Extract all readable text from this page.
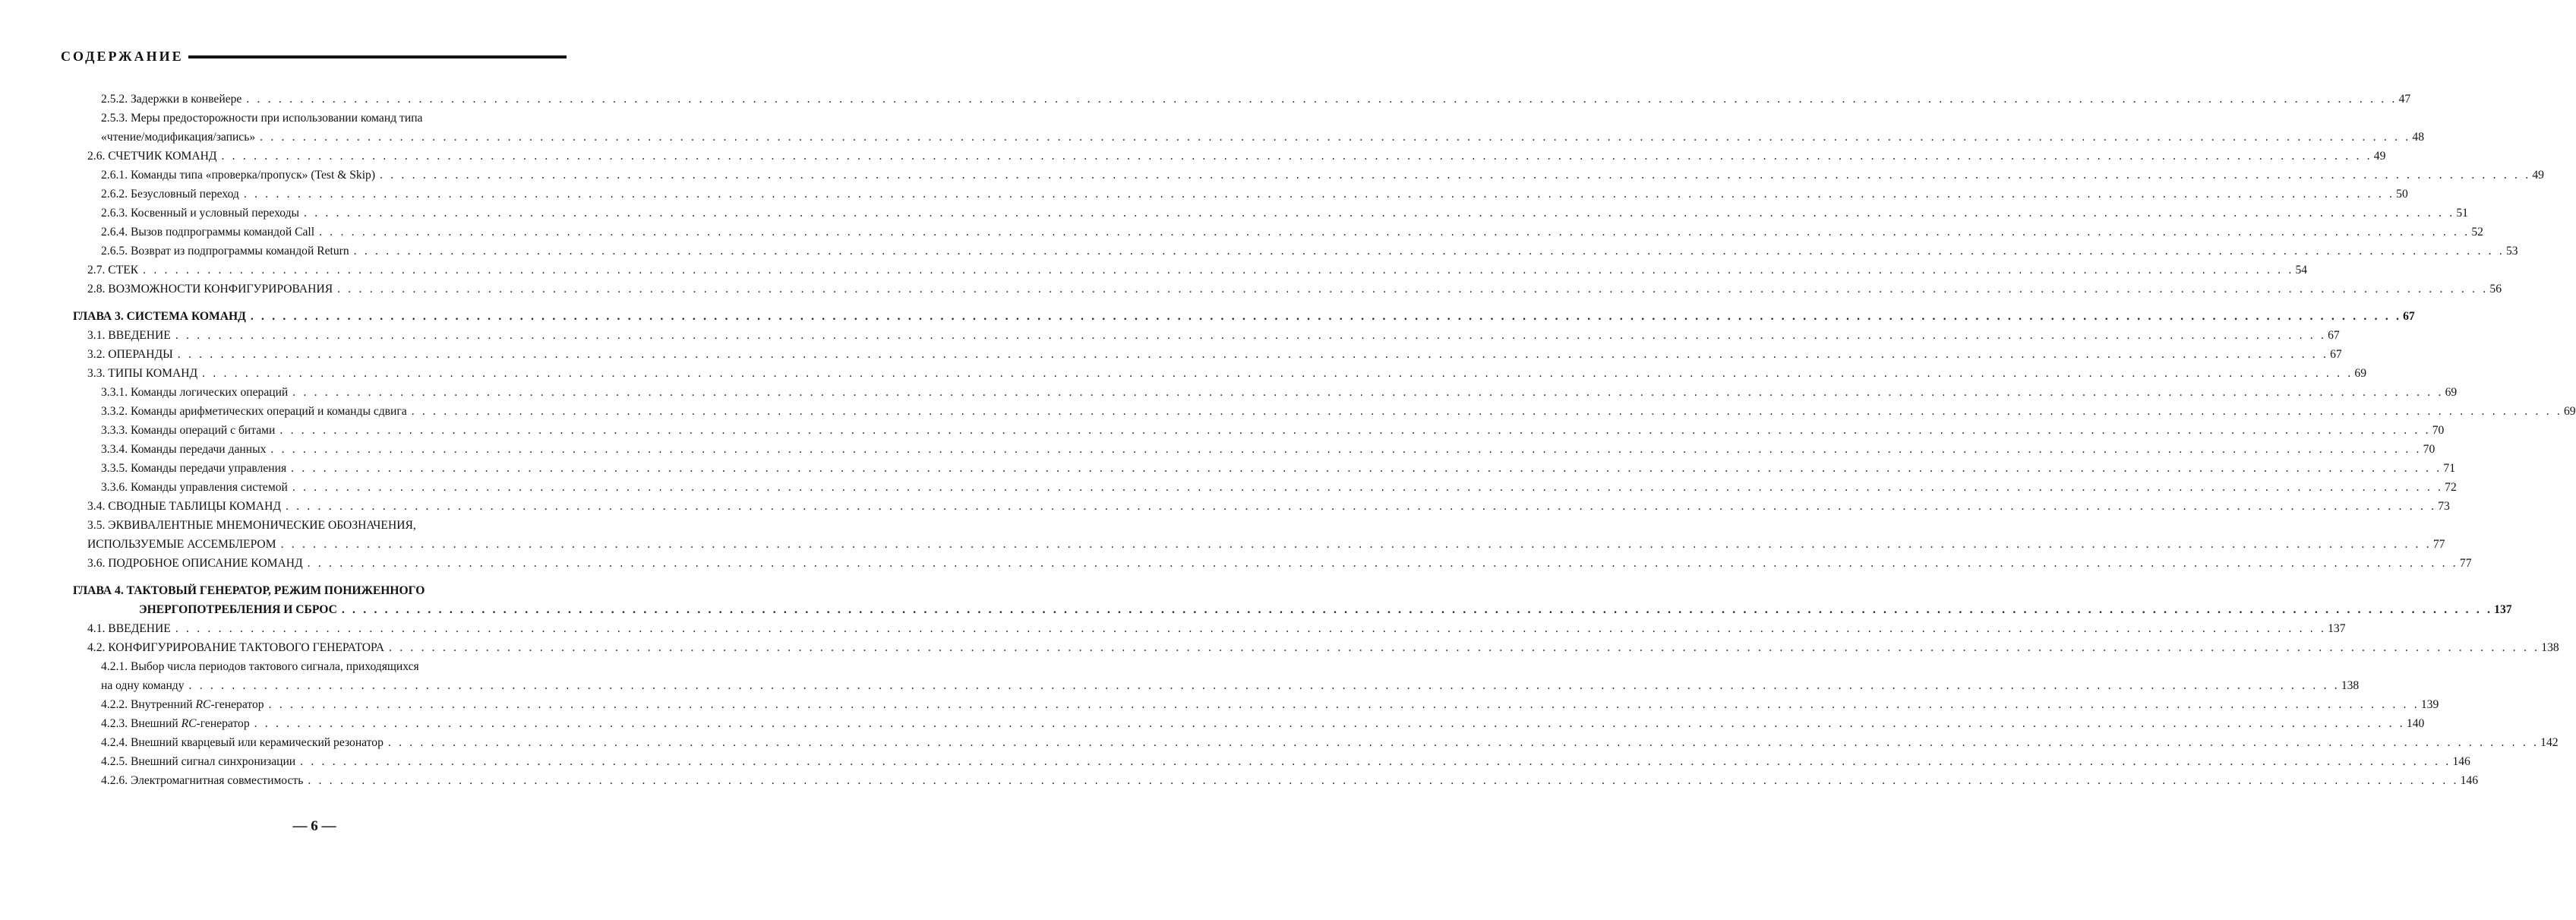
СОДЕРЖАНИЕ
2.5.2. Задержки в конвейере . . . . . . . . . . . . . . . . . . . . . . . . . . . . . . . . . . . . . . . . . . . . . . . . . . . . . . . . . . . . . . . . . . . . . . . . . . . . . . . . . . . . . . . . . . . . . . . . . . . . . . . . . . . . . . . . . . . . . . . . . . . . . . . . . . . . . . . . . . . . . . . . . . . . . . . . . . . . . . . . . . . . . . . . . . . . . . . . . . . . . . . . . . . . . . . . . . . . . . . . 47
2.5.3. Меры предосторожности при использовании команд типа
«чтение/модификация/запись» . . . . . . . . . . . . . . . . . . . . . . . . . . . . . . . . . . . . . . . . . . . . . . . . . . . . . . . . . . . . . . . . . . . . . . . . . . . . . . . . . . . . . . . . . . . . . . . . . . . . . . . . . . . . . . . . . . . . . . . . . . . . . . . . . . . . . . . . . . . . . . . . . . . . . . . . . . . . . . . . . . . . . . . . . . . . . . . . . . . . . . . . . . . . . . . . . . . . . . . . 48
2.6. СЧЕТЧИК КОМАНД . . . . . . . . . . . . . . . . . . . . . . . . . . . . . . . . . . . . . . . . . . . . . . . . . . . . . . . . . . . . . . . . . . . . . . . . . . . . . . . . . . . . . . . . . . . . . . . . . . . . . . . . . . . . . . . . . . . . . . . . . . . . . . . . . . . . . . . . . . . . . . . . . . . . . . . . . . . . . . . . . . . . . . . . . . . . . . . . . . . . . . . . . . . . . . . . . . . . . . . . 49
2.6.1. Команды типа «проверка/пропуск» (Test & Skip) . . . . . . . . . . . . . . . . . . . . . . . . . . . . . . . . . . . . . . . . . . . . . . . . . . . . . . . . . . . . . . . . . . . . . . . . . . . . . . . . . . . . . . . . . . . . . . . . . . . . . . . . . . . . . . . . . . . . . . . . . . . . . . . . . . . . . . . . . . . . . . . . . . . . . . . . . . . . . . . . . . . . . . . . . . . . . . . . . . . . . . . . . . . . . . . . . . . . . . . . 49
2.6.2. Безусловный переход . . . . . . . . . . . . . . . . . . . . . . . . . . . . . . . . . . . . . . . . . . . . . . . . . . . . . . . . . . . . . . . . . . . . . . . . . . . . . . . . . . . . . . . . . . . . . . . . . . . . . . . . . . . . . . . . . . . . . . . . . . . . . . . . . . . . . . . . . . . . . . . . . . . . . . . . . . . . . . . . . . . . . . . . . . . . . . . . . . . . . . . . . . . . . . . . . . . . . . . . 50
2.6.3. Косвенный и условный переходы . . . . . . . . . . . . . . . . . . . . . . . . . . . . . . . . . . . . . . . . . . . . . . . . . . . . . . . . . . . . . . . . . . . . . . . . . . . . . . . . . . . . . . . . . . . . . . . . . . . . . . . . . . . . . . . . . . . . . . . . . . . . . . . . . . . . . . . . . . . . . . . . . . . . . . . . . . . . . . . . . . . . . . . . . . . . . . . . . . . . . . . . . . . . . . . . . . . . . . . . 51
2.6.4. Вызов подпрограммы командой Call . . . . . . . . . . . . . . . . . . . . . . . . . . . . . . . . . . . . . . . . . . . . . . . . . . . . . . . . . . . . . . . . . . . . . . . . . . . . . . . . . . . . . . . . . . . . . . . . . . . . . . . . . . . . . . . . . . . . . . . . . . . . . . . . . . . . . . . . . . . . . . . . . . . . . . . . . . . . . . . . . . . . . . . . . . . . . . . . . . . . . . . . . . . . . . . . . . . . . . . . 52
2.6.5. Возврат из подпрограммы командой Return . . . . . . . . . . . . . . . . . . . . . . . . . . . . . . . . . . . . . . . . . . . . . . . . . . . . . . . . . . . . . . . . . . . . . . . . . . . . . . . . . . . . . . . . . . . . . . . . . . . . . . . . . . . . . . . . . . . . . . . . . . . . . . . . . . . . . . . . . . . . . . . . . . . . . . . . . . . . . . . . . . . . . . . . . . . . . . . . . . . . . . . . . . . . . . . . . . . . . . . . 53
2.7. СТЕК . . . . . . . . . . . . . . . . . . . . . . . . . . . . . . . . . . . . . . . . . . . . . . . . . . . . . . . . . . . . . . . . . . . . . . . . . . . . . . . . . . . . . . . . . . . . . . . . . . . . . . . . . . . . . . . . . . . . . . . . . . . . . . . . . . . . . . . . . . . . . . . . . . . . . . . . . . . . . . . . . . . . . . . . . . . . . . . . . . . . . . . . . . . . . . . . . . . . . . . . 54
2.8. ВОЗМОЖНОСТИ КОНФИГУРИРОВАНИЯ . . . . . . . . . . . . . . . . . . . . . . . . . . . . . . . . . . . . . . . . . . . . . . . . . . . . . . . . . . . . . . . . . . . . . . . . . . . . . . . . . . . . . . . . . . . . . . . . . . . . . . . . . . . . . . . . . . . . . . . . . . . . . . . . . . . . . . . . . . . . . . . . . . . . . . . . . . . . . . . . . . . . . . . . . . . . . . . . . . . . . . . . . . . . . . . . . . . . . . . . 56
ГЛАВА 3. СИСТЕМА КОМАНД . . . . . . . . . . . . . . . . . . . . . . . . . . . . . . . . . . . . . . . . . . . . . . . . . . . . . . . . . . . . . . . . . . . . . . . . . . . . . . . . . . . . . . . . . . . . . . . . . . . . . . . . . . . . . . . . . . . . . . . . . . . . . . . . . . . . . . . . . . . . . . . . . . . . . . . . . . . . . . . . . . . . . . . . . . . . . . . . . . . . . . . . . . . . . . . . . . . . . . . . 67
3.1. ВВЕДЕНИЕ . . . . . . . . . . . . . . . . . . . . . . . . . . . . . . . . . . . . . . . . . . . . . . . . . . . . . . . . . . . . . . . . . . . . . . . . . . . . . . . . . . . . . . . . . . . . . . . . . . . . . . . . . . . . . . . . . . . . . . . . . . . . . . . . . . . . . . . . . . . . . . . . . . . . . . . . . . . . . . . . . . . . . . . . . . . . . . . . . . . . . . . . . . . . . . . . . . . . . . . . 67
3.2. ОПЕРАНДЫ . . . . . . . . . . . . . . . . . . . . . . . . . . . . . . . . . . . . . . . . . . . . . . . . . . . . . . . . . . . . . . . . . . . . . . . . . . . . . . . . . . . . . . . . . . . . . . . . . . . . . . . . . . . . . . . . . . . . . . . . . . . . . . . . . . . . . . . . . . . . . . . . . . . . . . . . . . . . . . . . . . . . . . . . . . . . . . . . . . . . . . . . . . . . . . . . . . . . . . . . 67
3.3. ТИПЫ КОМАНД . . . . . . . . . . . . . . . . . . . . . . . . . . . . . . . . . . . . . . . . . . . . . . . . . . . . . . . . . . . . . . . . . . . . . . . . . . . . . . . . . . . . . . . . . . . . . . . . . . . . . . . . . . . . . . . . . . . . . . . . . . . . . . . . . . . . . . . . . . . . . . . . . . . . . . . . . . . . . . . . . . . . . . . . . . . . . . . . . . . . . . . . . . . . . . . . . . . . . . . . 69
3.3.1. Команды логических операций . . . . . . . . . . . . . . . . . . . . . . . . . . . . . . . . . . . . . . . . . . . . . . . . . . . . . . . . . . . . . . . . . . . . . . . . . . . . . . . . . . . . . . . . . . . . . . . . . . . . . . . . . . . . . . . . . . . . . . . . . . . . . . . . . . . . . . . . . . . . . . . . . . . . . . . . . . . . . . . . . . . . . . . . . . . . . . . . . . . . . . . . . . . . . . . . . . . . . . . . 69
3.3.2. Команды арифметических операций и команды сдвига . . . . . . . . . . . . . . . . . . . . . . . . . . . . . . . . . . . . . . . . . . . . . . . . . . . . . . . . . . . . . . . . . . . . . . . . . . . . . . . . . . . . . . . . . . . . . . . . . . . . . . . . . . . . . . . . . . . . . . . . . . . . . . . . . . . . . . . . . . . . . . . . . . . . . . . . . . . . . . . . . . . . . . . . . . . . . . . . . . . . . . . . . . . . . . . . . . . . . . . . 69
3.3.3. Команды операций с битами . . . . . . . . . . . . . . . . . . . . . . . . . . . . . . . . . . . . . . . . . . . . . . . . . . . . . . . . . . . . . . . . . . . . . . . . . . . . . . . . . . . . . . . . . . . . . . . . . . . . . . . . . . . . . . . . . . . . . . . . . . . . . . . . . . . . . . . . . . . . . . . . . . . . . . . . . . . . . . . . . . . . . . . . . . . . . . . . . . . . . . . . . . . . . . . . . . . . . . . . 70
3.3.4. Команды передачи данных . . . . . . . . . . . . . . . . . . . . . . . . . . . . . . . . . . . . . . . . . . . . . . . . . . . . . . . . . . . . . . . . . . . . . . . . . . . . . . . . . . . . . . . . . . . . . . . . . . . . . . . . . . . . . . . . . . . . . . . . . . . . . . . . . . . . . . . . . . . . . . . . . . . . . . . . . . . . . . . . . . . . . . . . . . . . . . . . . . . . . . . . . . . . . . . . . . . . . . . . 70
3.3.5. Команды передачи управления . . . . . . . . . . . . . . . . . . . . . . . . . . . . . . . . . . . . . . . . . . . . . . . . . . . . . . . . . . . . . . . . . . . . . . . . . . . . . . . . . . . . . . . . . . . . . . . . . . . . . . . . . . . . . . . . . . . . . . . . . . . . . . . . . . . . . . . . . . . . . . . . . . . . . . . . . . . . . . . . . . . . . . . . . . . . . . . . . . . . . . . . . . . . . . . . . . . . . . . . 71
3.3.6. Команды управления системой . . . . . . . . . . . . . . . . . . . . . . . . . . . . . . . . . . . . . . . . . . . . . . . . . . . . . . . . . . . . . . . . . . . . . . . . . . . . . . . . . . . . . . . . . . . . . . . . . . . . . . . . . . . . . . . . . . . . . . . . . . . . . . . . . . . . . . . . . . . . . . . . . . . . . . . . . . . . . . . . . . . . . . . . . . . . . . . . . . . . . . . . . . . . . . . . . . . . . . . . 72
3.4. СВОДНЫЕ ТАБЛИЦЫ КОМАНД . . . . . . . . . . . . . . . . . . . . . . . . . . . . . . . . . . . . . . . . . . . . . . . . . . . . . . . . . . . . . . . . . . . . . . . . . . . . . . . . . . . . . . . . . . . . . . . . . . . . . . . . . . . . . . . . . . . . . . . . . . . . . . . . . . . . . . . . . . . . . . . . . . . . . . . . . . . . . . . . . . . . . . . . . . . . . . . . . . . . . . . . . . . . . . . . . . . . . . . . 73
3.5. ЭКВИВАЛЕНТНЫЕ МНЕМОНИЧЕСКИЕ ОБОЗНАЧЕНИЯ,
ИСПОЛЬЗУЕМЫЕ АССЕМБЛЕРОМ . . . . . . . . . . . . . . . . . . . . . . . . . . . . . . . . . . . . . . . . . . . . . . . . . . . . . . . . . . . . . . . . . . . . . . . . . . . . . . . . . . . . . . . . . . . . . . . . . . . . . . . . . . . . . . . . . . . . . . . . . . . . . . . . . . . . . . . . . . . . . . . . . . . . . . . . . . . . . . . . . . . . . . . . . . . . . . . . . . . . . . . . . . . . . . . . . . . . . . . . 77
3.6. ПОДРОБНОЕ ОПИСАНИЕ КОМАНД . . . . . . . . . . . . . . . . . . . . . . . . . . . . . . . . . . . . . . . . . . . . . . . . . . . . . . . . . . . . . . . . . . . . . . . . . . . . . . . . . . . . . . . . . . . . . . . . . . . . . . . . . . . . . . . . . . . . . . . . . . . . . . . . . . . . . . . . . . . . . . . . . . . . . . . . . . . . . . . . . . . . . . . . . . . . . . . . . . . . . . . . . . . . . . . . . . . . . . . . 77
ГЛАВА 4. ТАКТОВЫЙ ГЕНЕРАТОР, РЕЖИМ ПОНИЖЕННОГО
ЭНЕРГОПОТРЕБЛЕНИЯ И СБРОС . . . . . . . . . . . . . . . . . . . . . . . . . . . . . . . . . . . . . . . . . . . . . . . . . . . . . . . . . . . . . . . . . . . . . . . . . . . . . . . . . . . . . . . . . . . . . . . . . . . . . . . . . . . . . . . . . . . . . . . . . . . . . . . . . . . . . . . . . . . . . . . . . . . . . . . . . . . . . . . . . . . . . . . . . . . . . . . . . . . . . . . . . . . . . . . . . . . . . . . . 137
4.1. ВВЕДЕНИЕ . . . . . . . . . . . . . . . . . . . . . . . . . . . . . . . . . . . . . . . . . . . . . . . . . . . . . . . . . . . . . . . . . . . . . . . . . . . . . . . . . . . . . . . . . . . . . . . . . . . . . . . . . . . . . . . . . . . . . . . . . . . . . . . . . . . . . . . . . . . . . . . . . . . . . . . . . . . . . . . . . . . . . . . . . . . . . . . . . . . . . . . . . . . . . . . . . . . . . . . . 137
4.2. КОНФИГУРИРОВАНИЕ ТАКТОВОГО ГЕНЕРАТОРА . . . . . . . . . . . . . . . . . . . . . . . . . . . . . . . . . . . . . . . . . . . . . . . . . . . . . . . . . . . . . . . . . . . . . . . . . . . . . . . . . . . . . . . . . . . . . . . . . . . . . . . . . . . . . . . . . . . . . . . . . . . . . . . . . . . . . . . . . . . . . . . . . . . . . . . . . . . . . . . . . . . . . . . . . . . . . . . . . . . . . . . . . . . . . . . . . . . . . . . . 138
4.2.1. Выбор числа периодов тактового сигнала, приходящихся
на одну команду . . . . . . . . . . . . . . . . . . . . . . . . . . . . . . . . . . . . . . . . . . . . . . . . . . . . . . . . . . . . . . . . . . . . . . . . . . . . . . . . . . . . . . . . . . . . . . . . . . . . . . . . . . . . . . . . . . . . . . . . . . . . . . . . . . . . . . . . . . . . . . . . . . . . . . . . . . . . . . . . . . . . . . . . . . . . . . . . . . . . . . . . . . . . . . . . . . . . . . . . 138
4.2.2. Внутренний RC-генератор . . . . . . . . . . . . . . . . . . . . . . . . . . . . . . . . . . . . . . . . . . . . . . . . . . . . . . . . . . . . . . . . . . . . . . . . . . . . . . . . . . . . . . . . . . . . . . . . . . . . . . . . . . . . . . . . . . . . . . . . . . . . . . . . . . . . . . . . . . . . . . . . . . . . . . . . . . . . . . . . . . . . . . . . . . . . . . . . . . . . . . . . . . . . . . . . . . . . . . . . 139
4.2.3. Внешний RC-генератор . . . . . . . . . . . . . . . . . . . . . . . . . . . . . . . . . . . . . . . . . . . . . . . . . . . . . . . . . . . . . . . . . . . . . . . . . . . . . . . . . . . . . . . . . . . . . . . . . . . . . . . . . . . . . . . . . . . . . . . . . . . . . . . . . . . . . . . . . . . . . . . . . . . . . . . . . . . . . . . . . . . . . . . . . . . . . . . . . . . . . . . . . . . . . . . . . . . . . . . . 140
4.2.4. Внешний кварцевый или керамический резонатор . . . . . . . . . . . . . . . . . . . . . . . . . . . . . . . . . . . . . . . . . . . . . . . . . . . . . . . . . . . . . . . . . . . . . . . . . . . . . . . . . . . . . . . . . . . . . . . . . . . . . . . . . . . . . . . . . . . . . . . . . . . . . . . . . . . . . . . . . . . . . . . . . . . . . . . . . . . . . . . . . . . . . . . . . . . . . . . . . . . . . . . . . . . . . . . . . . . . . . . . 142
4.2.5. Внешний сигнал синхронизации . . . . . . . . . . . . . . . . . . . . . . . . . . . . . . . . . . . . . . . . . . . . . . . . . . . . . . . . . . . . . . . . . . . . . . . . . . . . . . . . . . . . . . . . . . . . . . . . . . . . . . . . . . . . . . . . . . . . . . . . . . . . . . . . . . . . . . . . . . . . . . . . . . . . . . . . . . . . . . . . . . . . . . . . . . . . . . . . . . . . . . . . . . . . . . . . . . . . . . . . 146
4.2.6. Электромагнитная совместимость . . . . . . . . . . . . . . . . . . . . . . . . . . . . . . . . . . . . . . . . . . . . . . . . . . . . . . . . . . . . . . . . . . . . . . . . . . . . . . . . . . . . . . . . . . . . . . . . . . . . . . . . . . . . . . . . . . . . . . . . . . . . . . . . . . . . . . . . . . . . . . . . . . . . . . . . . . . . . . . . . . . . . . . . . . . . . . . . . . . . . . . . . . . . . . . . . . . . . . . . 146
— 6 —
